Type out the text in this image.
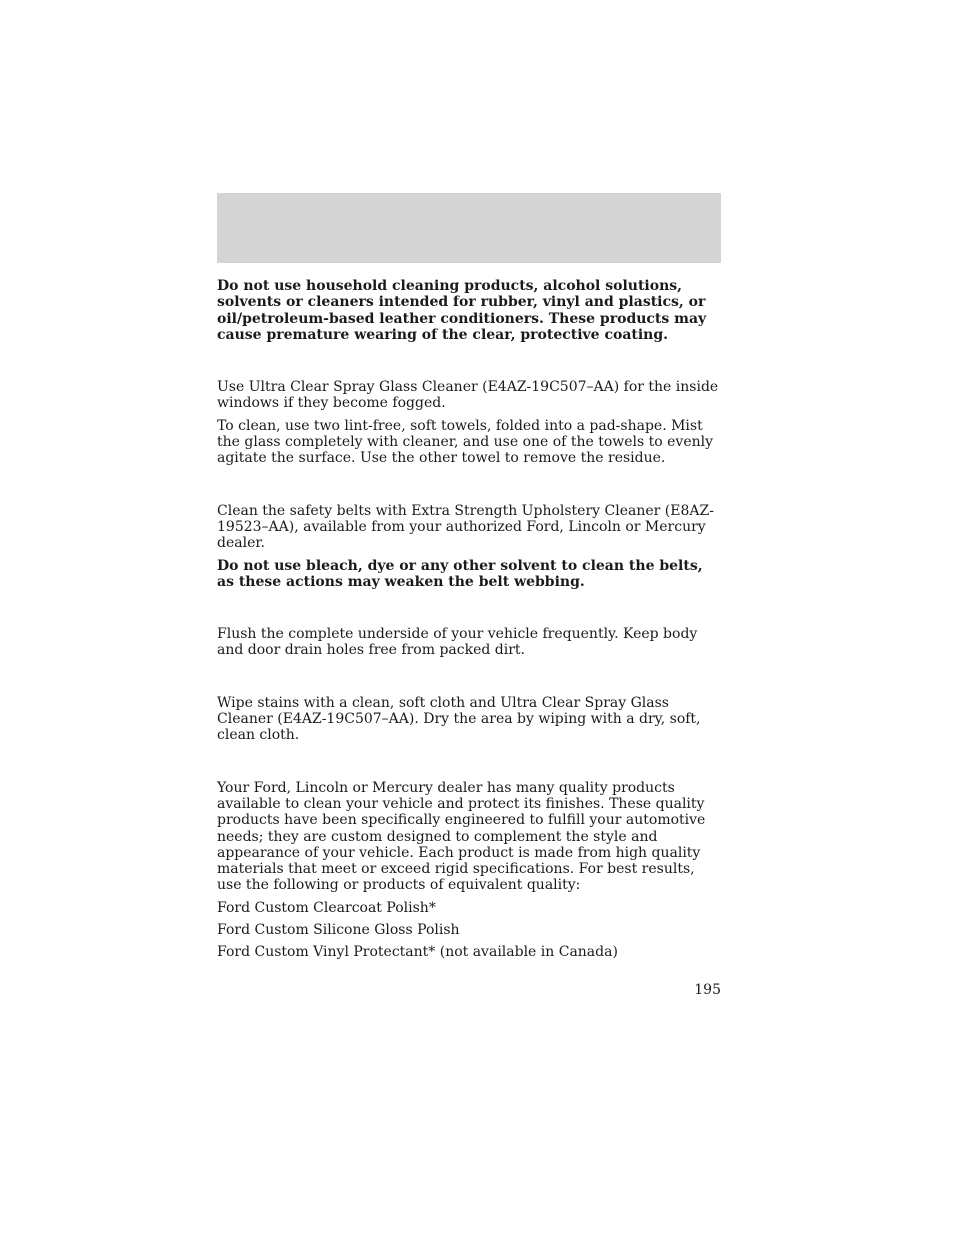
Do not use household cleaning products, alcohol solutions, solvents or cleaners intended for rubber, vinyl and plastics, or oil/petroleum-based leather conditioners. These products may cause premature wearing of the clear, protective coating.

Use Ultra Clear Spray Glass Cleaner (E4AZ-19C507–AA) for the inside windows if they become fogged.

To clean, use two lint-free, soft towels, folded into a pad-shape. Mist the glass completely with cleaner, and use one of the towels to evenly agitate the surface. Use the other towel to remove the residue.

Clean the safety belts with Extra Strength Upholstery Cleaner (E8AZ-19523–AA), available from your authorized Ford, Lincoln or Mercury dealer.

Do not use bleach, dye or any other solvent to clean the belts, as these actions may weaken the belt webbing.

Flush the complete underside of your vehicle frequently. Keep body and door drain holes free from packed dirt.

Wipe stains with a clean, soft cloth and Ultra Clear Spray Glass Cleaner (E4AZ-19C507–AA). Dry the area by wiping with a dry, soft, clean cloth.

Your Ford, Lincoln or Mercury dealer has many quality products available to clean your vehicle and protect its finishes. These quality products have been specifically engineered to fulfill your automotive needs; they are custom designed to complement the style and appearance of your vehicle. Each product is made from high quality materials that meet or exceed rigid specifications. For best results, use the following or products of equivalent quality:

Ford Custom Clearcoat Polish*

Ford Custom Silicone Gloss Polish

Ford Custom Vinyl Protectant* (not available in Canada)

195
